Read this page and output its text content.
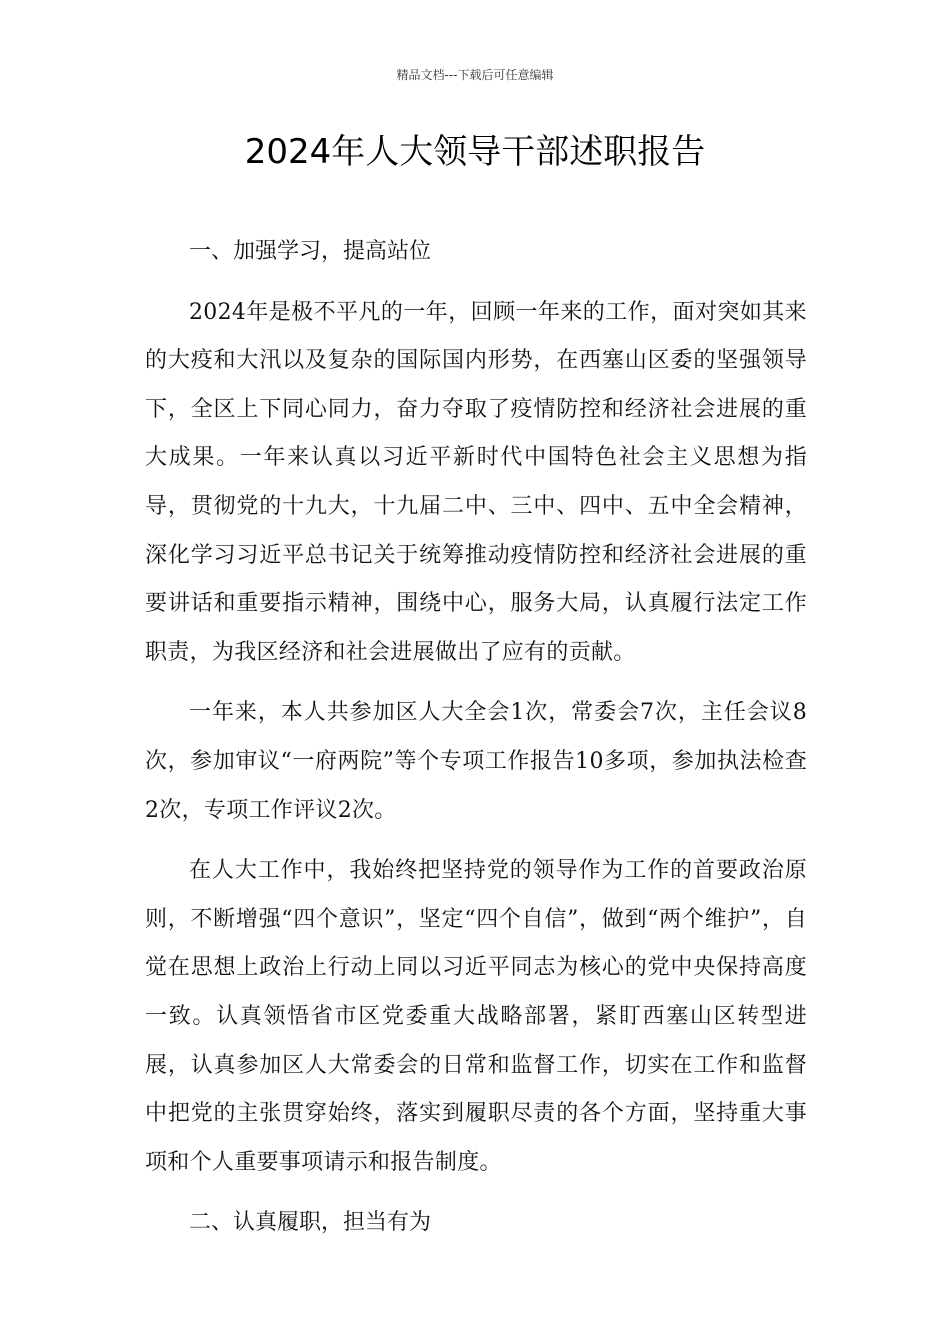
精品文档---下载后可任意编辑
2024年人大领导干部述职报告

一、加强学习，提高站位

2024年是极不平凡的一年，回顾一年来的工作，面对突如其来的大疫和大汛以及复杂的国际国内形势，在西塞山区委的坚强领导下，全区上下同心同力，奋力夺取了疫情防控和经济社会进展的重大成果。一年来认真以习近平新时代中国特色社会主义思想为指导，贯彻党的十九大，十九届二中、三中、四中、五中全会精神，深化学习习近平总书记关于统筹推动疫情防控和经济社会进展的重要讲话和重要指示精神，围绕中心，服务大局，认真履行法定工作职责，为我区经济和社会进展做出了应有的贡献。

一年来，本人共参加区人大全会1次，常委会7次，主任会议8次，参加审议“一府两院”等个专项工作报告10多项，参加执法检查2次，专项工作评议2次。

在人大工作中，我始终把坚持党的领导作为工作的首要政治原则，不断增强“四个意识”，坚定“四个自信”，做到“两个维护”，自觉在思想上政治上行动上同以习近平同志为核心的党中央保持高度一致。认真领悟省市区党委重大战略部署，紧盯西塞山区转型进展，认真参加区人大常委会的日常和监督工作，切实在工作和监督中把党的主张贯穿始终，落实到履职尽责的各个方面，坚持重大事项和个人重要事项请示和报告制度。

二、认真履职，担当有为
